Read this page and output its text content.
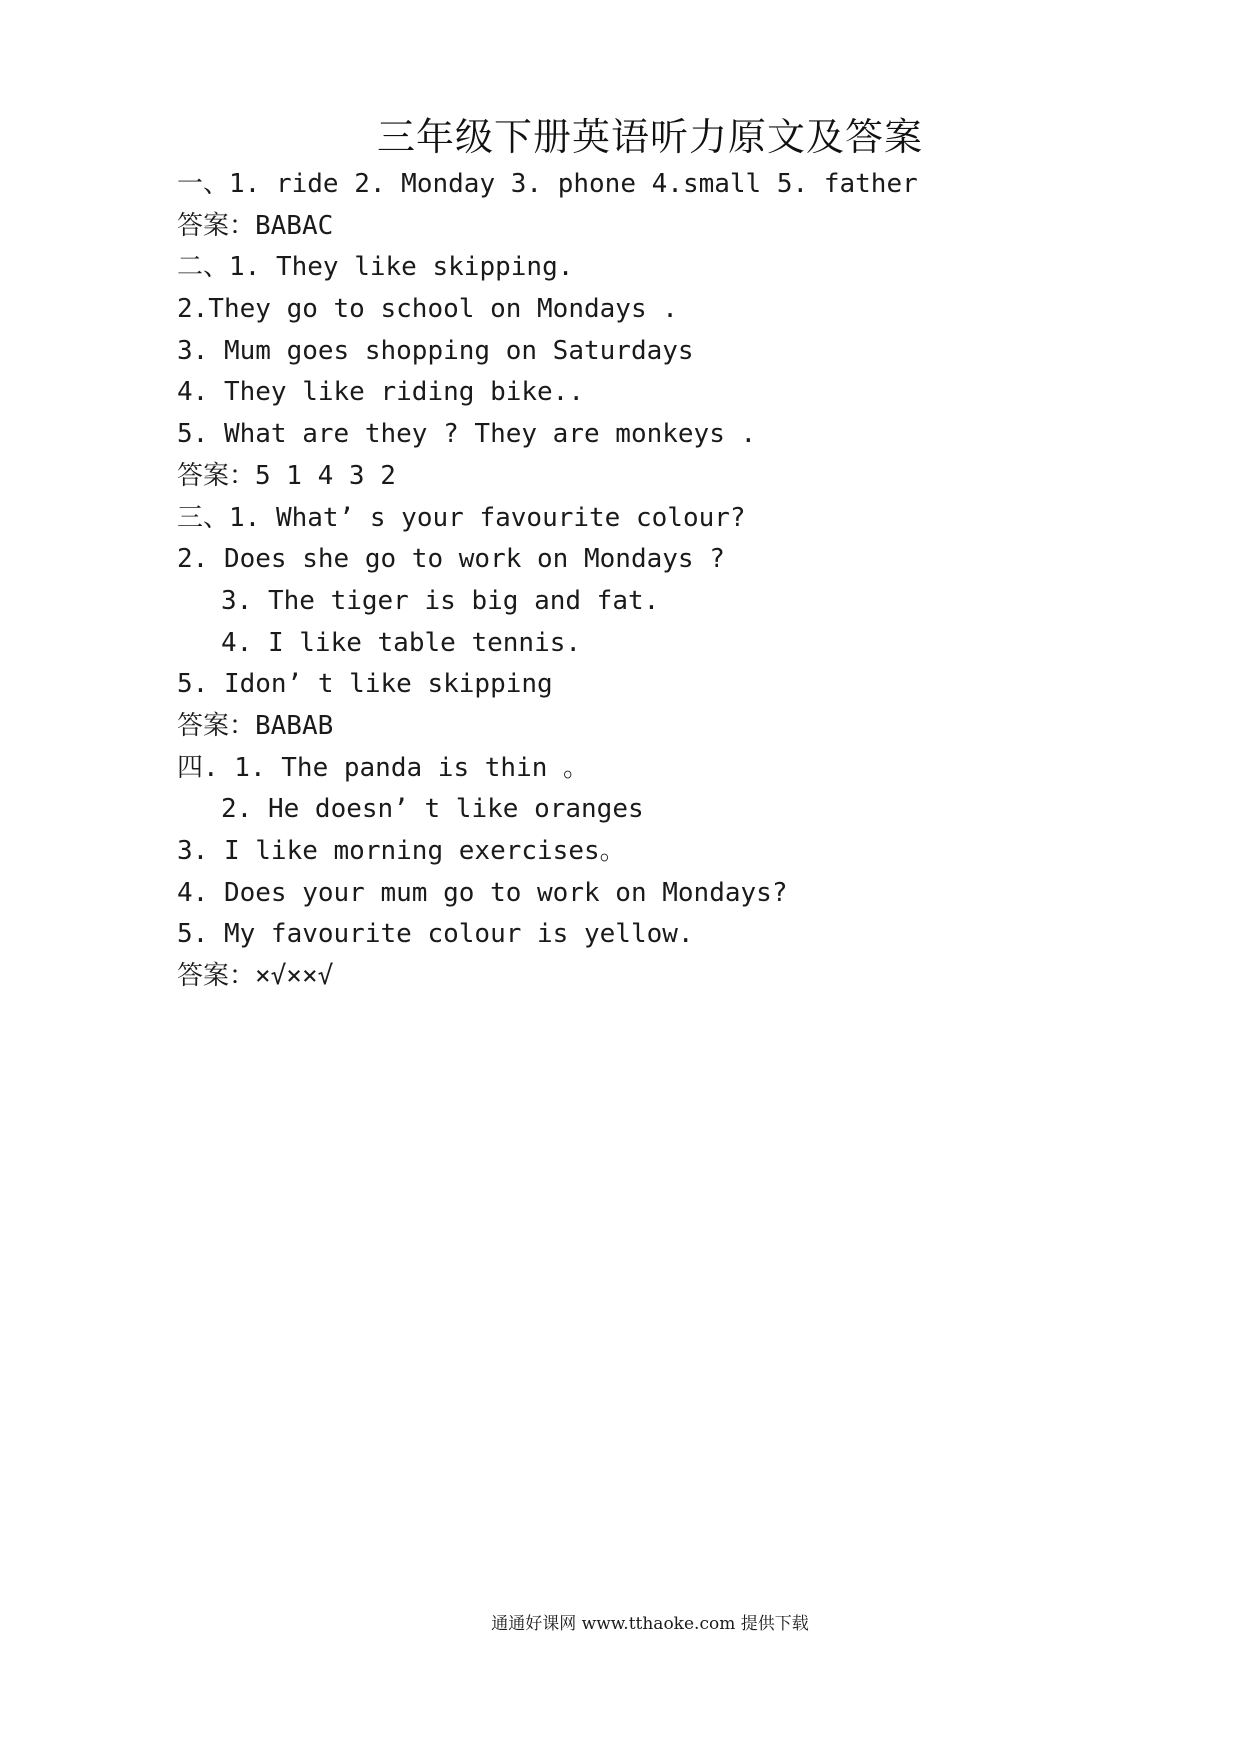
三年级下册英语听力原文及答案
一、1. ride 2. Monday 3. phone 4.small 5. father
答案：BABAC
二、1. They like skipping.
2.They go to school on Mondays .
3. Mum goes shopping on Saturdays
4. They like riding bike..
5. What are they ? They are monkeys .
答案：5 1 4 3 2
三、1. What’ s your favourite colour?
2. Does she go to work on Mondays ?
3. The tiger is big and fat.
4. I like table tennis.
5. Idon’ t like skipping
答案：BABAB
四. 1. The panda is thin 。
2. He doesn’ t like oranges
3. I like morning exercises。
4. Does your mum go to work on Mondays?
5. My favourite colour is yellow.
答案：×√××√
通通好课网 www.tthaoke.com 提供下载
